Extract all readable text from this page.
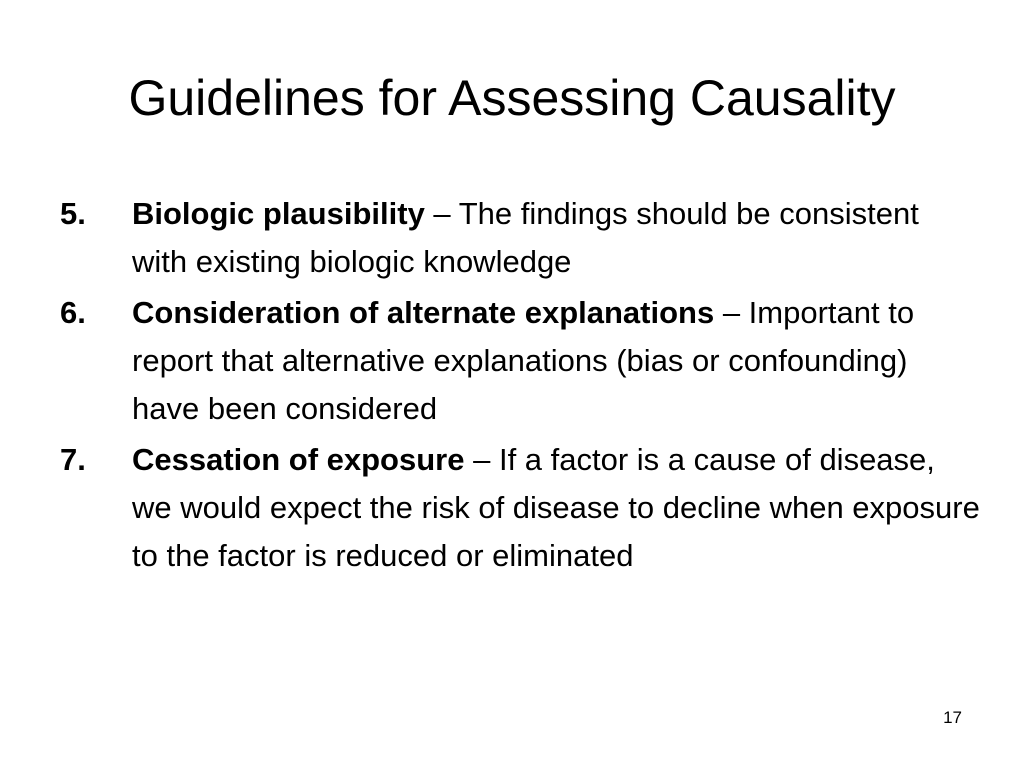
Guidelines for Assessing Causality
5. Biologic plausibility – The findings should be consistent with existing biologic knowledge
6. Consideration of alternate explanations – Important to report that alternative explanations (bias or confounding) have been considered
7. Cessation of exposure – If a factor is a cause of disease, we would expect the risk of disease to decline when exposure to the factor is reduced or eliminated
17
